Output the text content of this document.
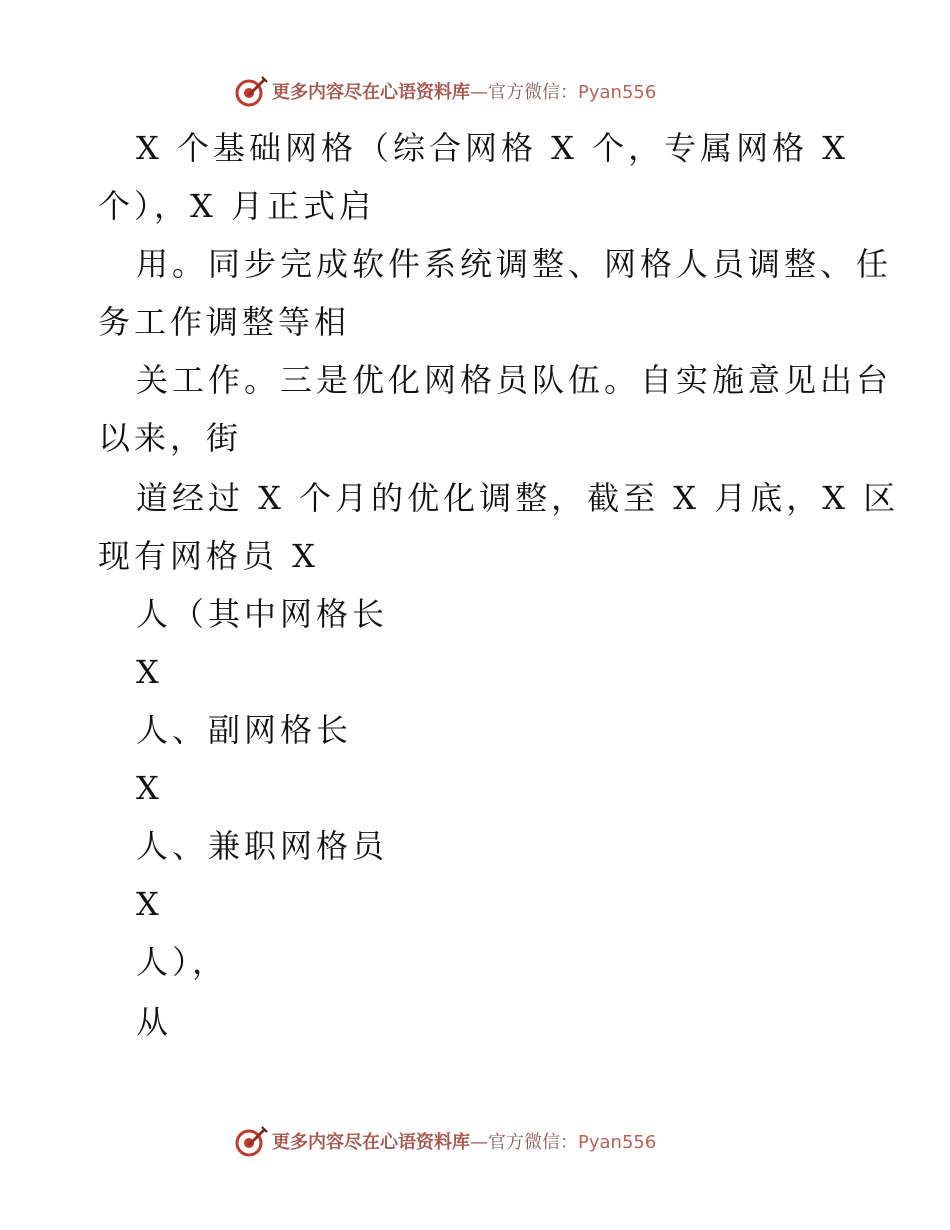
更多内容尽在心语资料库—官方微信：Pyan556
X 个基础网格（综合网格 X 个，专属网格 X
个），X 月正式启
用。同步完成软件系统调整、网格人员调整、任
务工作调整等相
关工作。三是优化网格员队伍。自实施意见出台
以来，街
道经过 X 个月的优化调整，截至 X 月底，X 区
现有网格员 X
人（其中网格长
X
人、副网格长
X
人、兼职网格员
X
人），
从
更多内容尽在心语资料库—官方微信：Pyan556
